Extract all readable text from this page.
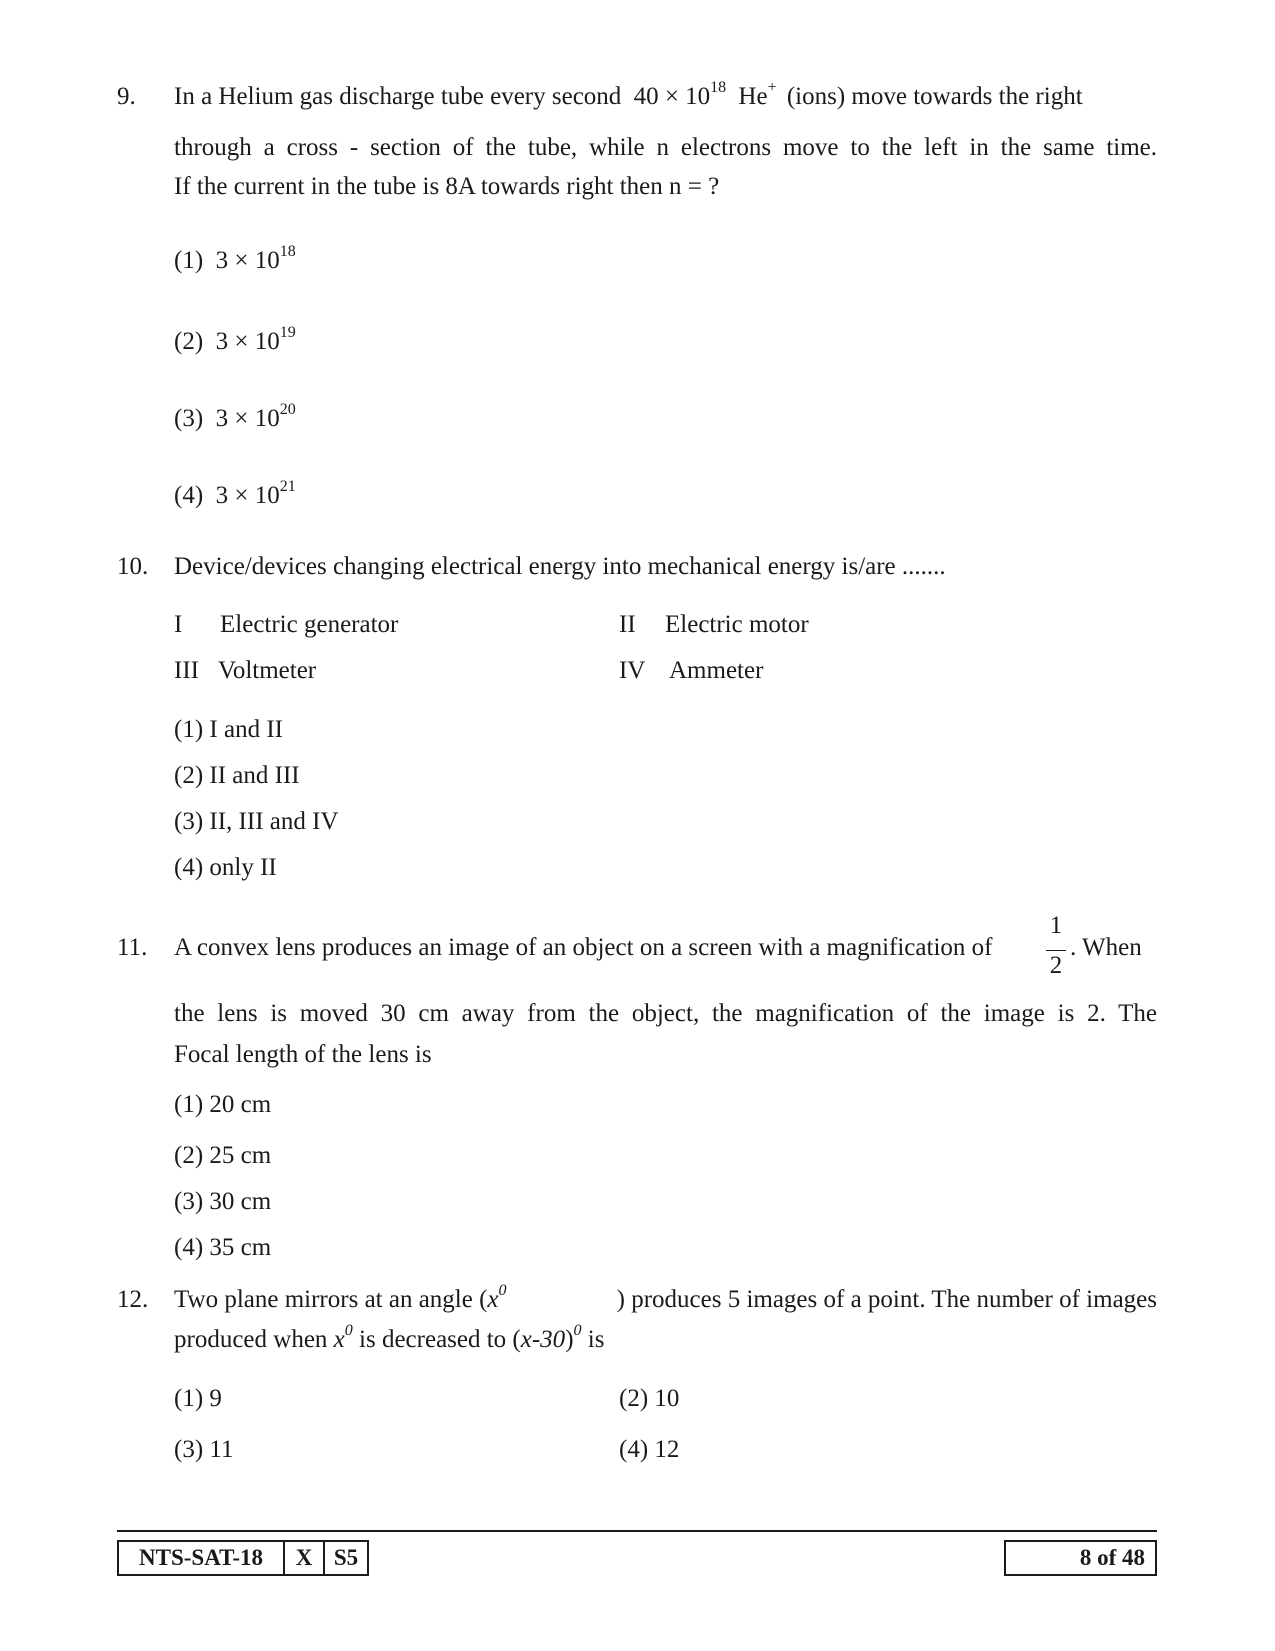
9. In a Helium gas discharge tube every second $40 \times 10^{18}$ He+ (ions) move towards the right
through a cross - section of the tube, while n electrons move to the left in the same time.
If the current in the tube is 8A towards right then n = ?
(1) $3 \times 10^{18}$
(2) $3 \times 10^{19}$
(3) $3 \times 10^{20}$
(4) $3 \times 10^{21}$
10. Device/devices changing electrical energy into mechanical energy is/are .......
I Electric generator	II Electric motor
III Voltmeter	IV Ammeter
(1) I and II
(2) II and III
(3) II, III and IV
(4) only II
11. A convex lens produces an image of an object on a screen with a magnification of
1
2
. When
the lens is moved 30 cm away from the object, the magnification of the image is 2. The
Focal length of the lens is
(1) 20 cm
(2) 25 cm
(3) 30 cm
(4) 35 cm
12. Two plane mirrors at an angle ($x^0$	) produces 5 images of a point. The number of images
produced when $x^0$ is decreased to $(x-30)^0$ is
(1) 9	(2) 10
(3) 11	(4) 12
NTS-SAT-18	X S5	8 of 48
